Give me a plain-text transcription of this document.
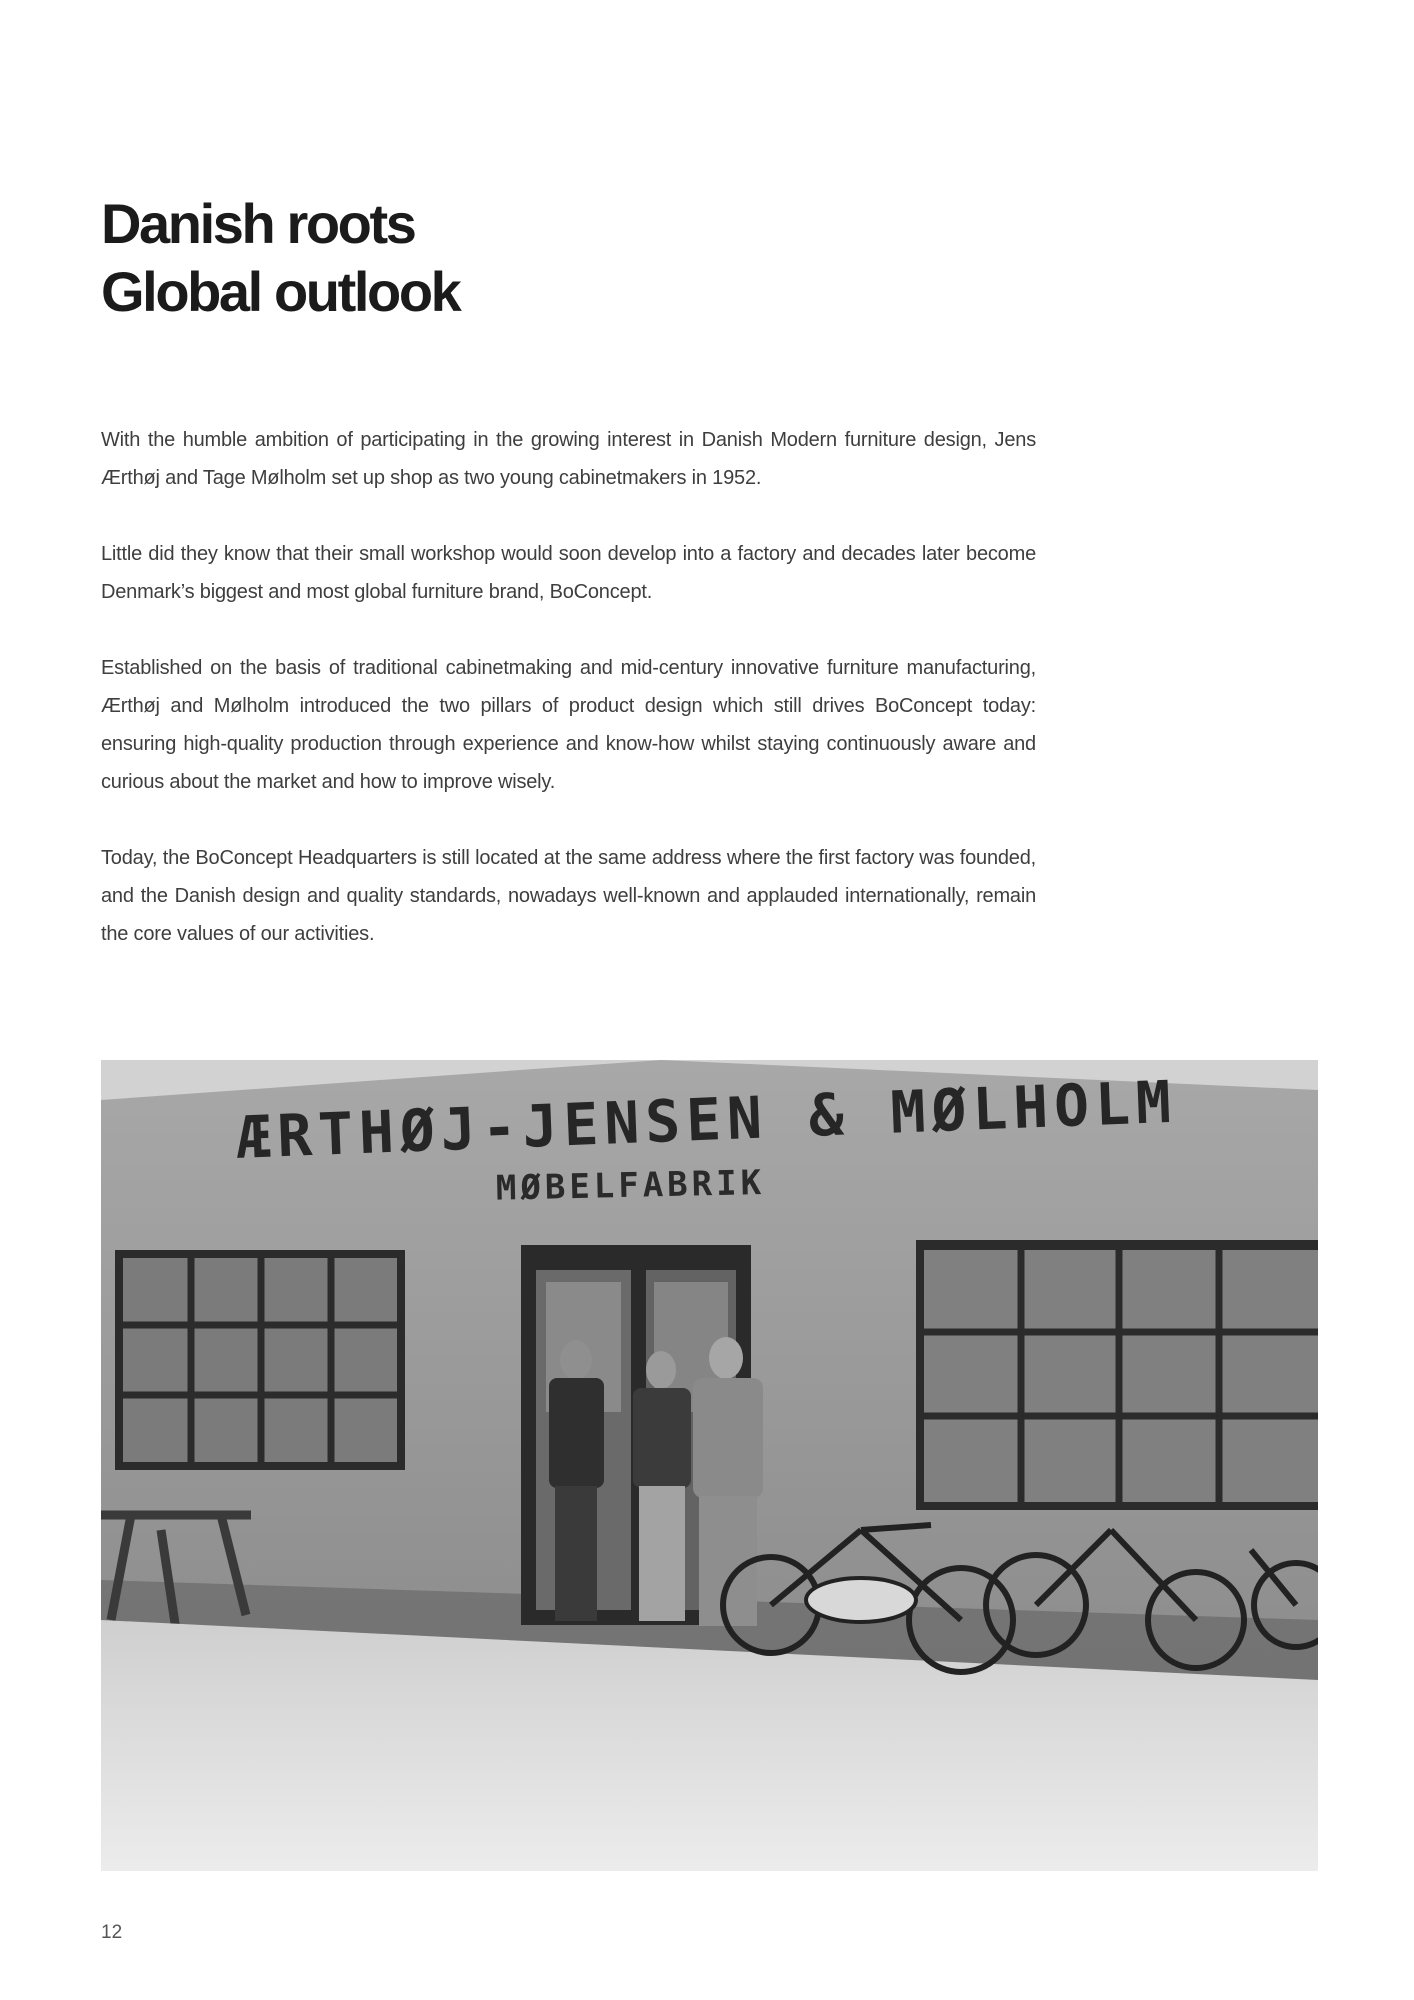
Danish roots
Global outlook

With the humble ambition of participating in the growing interest in Danish Modern furniture design, Jens Ærthøj and Tage Mølholm set up shop as two young cabinetmakers in 1952.

Little did they know that their small workshop would soon develop into a factory and decades later become Denmark’s biggest and most global furniture brand, BoConcept.

Established on the basis of traditional cabinetmaking and mid-century innovative furniture manufacturing, Ærthøj and Mølholm introduced the two pillars of product design which still drives BoConcept today: ensuring high-quality production through experience and know-how whilst staying continuously aware and curious about the market and how to improve wisely.

Today, the BoConcept Headquarters is still located at the same address where the first factory was founded, and the Danish design and quality standards, nowadays well-known and applauded internationally, remain the core values of our activities.

ÆRTHØJ-JENSEN & MØLHOLM
MØBELFABRIK
12
